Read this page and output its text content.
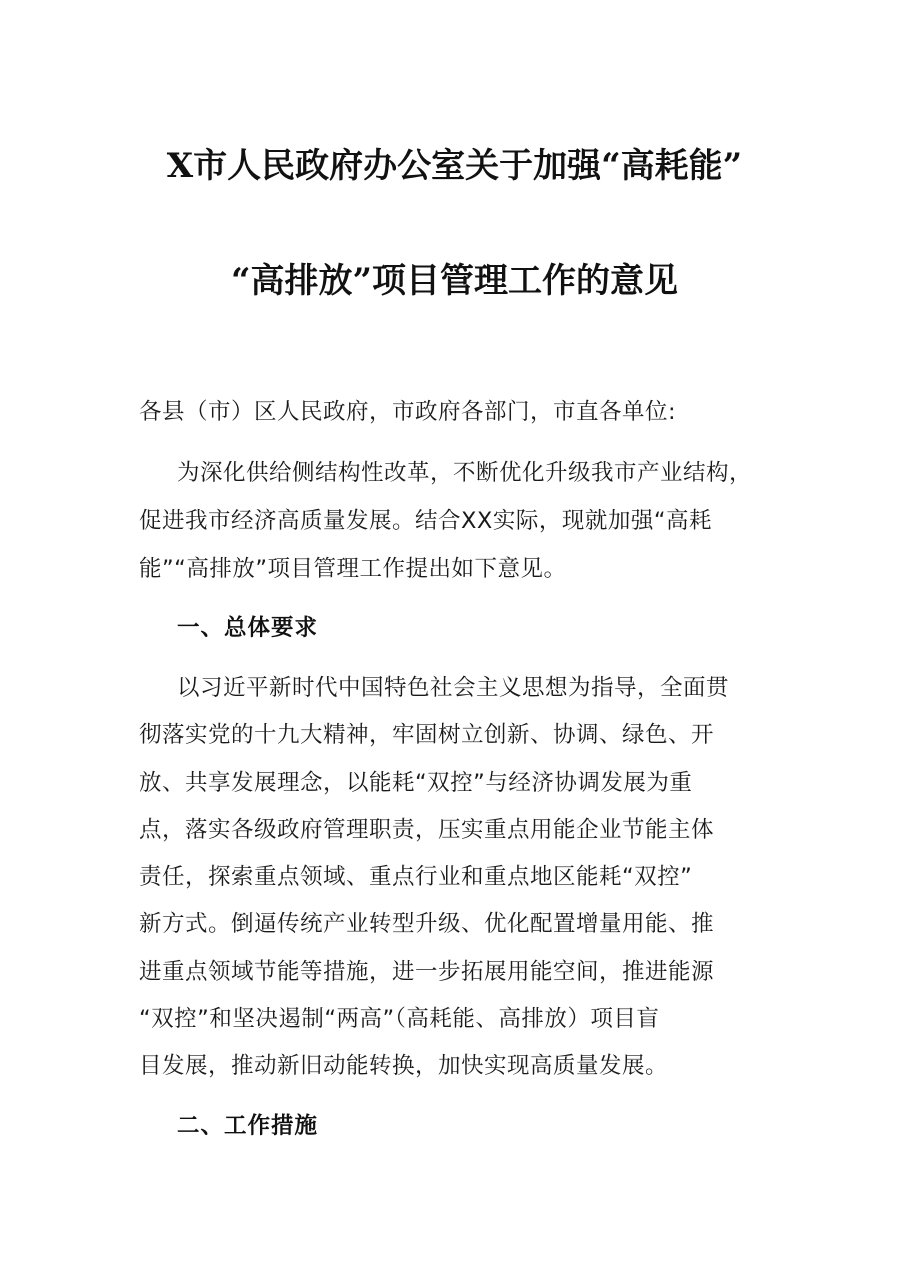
X市人民政府办公室关于加强“高耗能”
“高排放”项目管理工作的意见
各县（市）区人民政府，市政府各部门，市直各单位:
为深化供给侧结构性改革，不断优化升级我市产业结构，
促进我市经济高质量发展。结合XX实际，现就加强“高耗
能”“高排放”项目管理工作提出如下意见。
一、总体要求
以习近平新时代中国特色社会主义思想为指导，全面贯
彻落实党的十九大精神，牢固树立创新、协调、绿色、开
放、共享发展理念，以能耗“双控”与经济协调发展为重
点，落实各级政府管理职责，压实重点用能企业节能主体
责任，探索重点领域、重点行业和重点地区能耗“双控”
新方式。倒逼传统产业转型升级、优化配置增量用能、推
进重点领域节能等措施，进一步拓展用能空间，推进能源
“双控”和坚决遏制“两高”（高耗能、高排放）项目盲
目发展，推动新旧动能转换，加快实现高质量发展。
二、工作措施
